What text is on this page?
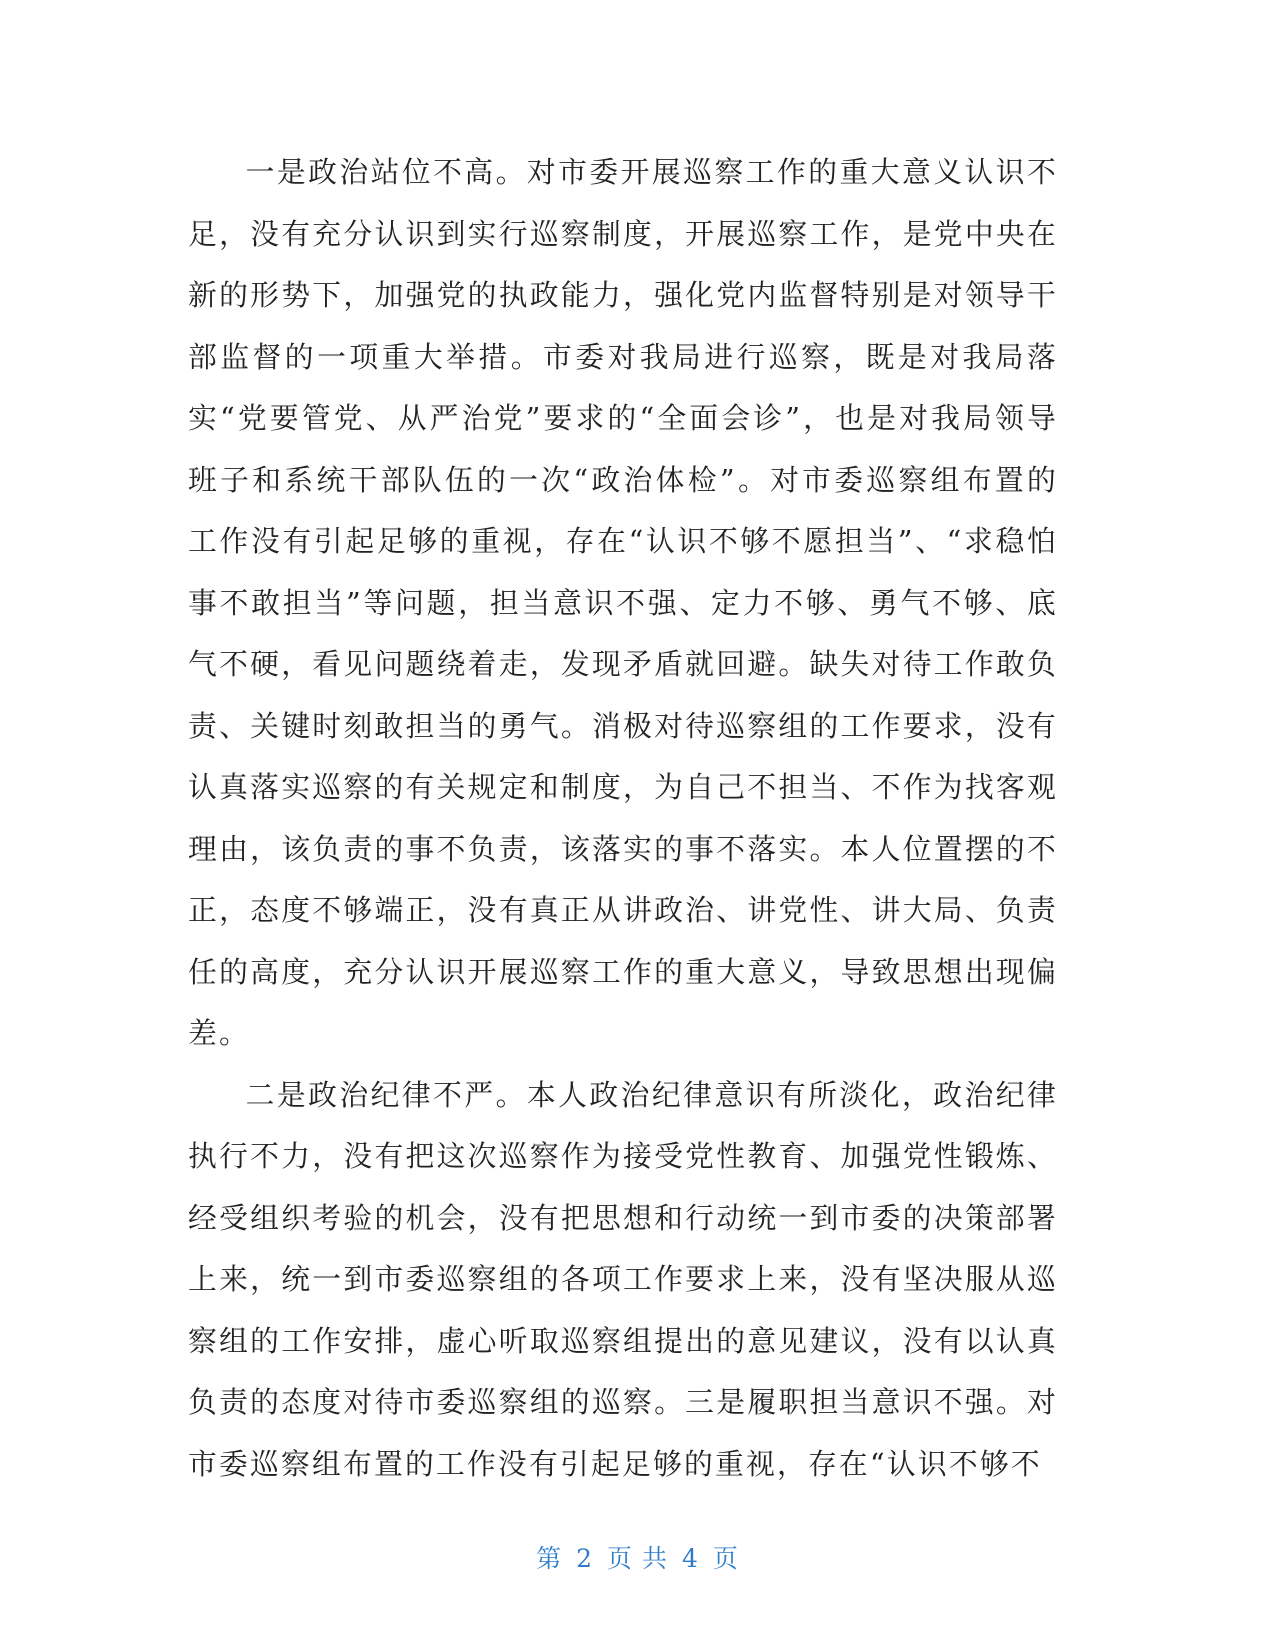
一是政治站位不高。对市委开展巡察工作的重大意义认识不足，没有充分认识到实行巡察制度，开展巡察工作，是党中央在新的形势下，加强党的执政能力，强化党内监督特别是对领导干部监督的一项重大举措。市委对我局进行巡察，既是对我局落实“党要管党、从严治党”要求的“全面会诊”，也是对我局领导班子和系统干部队伍的一次“政治体检”。对市委巡察组布置的工作没有引起足够的重视，存在“认识不够不愿担当”、“求稳怕事不敢担当”等问题，担当意识不强、定力不够、勇气不够、底气不硬，看见问题绕着走，发现矛盾就回避。缺失对待工作敢负责、关键时刻敢担当的勇气。消极对待巡察组的工作要求，没有认真落实巡察的有关规定和制度，为自己不担当、不作为找客观理由，该负责的事不负责，该落实的事不落实。本人位置摆的不正，态度不够端正，没有真正从讲政治、讲党性、讲大局、负责任的高度，充分认识开展巡察工作的重大意义，导致思想出现偏差。

二是政治纪律不严。本人政治纪律意识有所淡化，政治纪律执行不力，没有把这次巡察作为接受党性教育、加强党性锻炼、经受组织考验的机会，没有把思想和行动统一到市委的决策部署上来，统一到市委巡察组的各项工作要求上来，没有坚决服从巡察组的工作安排，虚心听取巡察组提出的意见建议，没有以认真负责的态度对待市委巡察组的巡察。三是履职担当意识不强。对市委巡察组布置的工作没有引起足够的重视，存在“认识不够不

第 2 页 共 4 页
